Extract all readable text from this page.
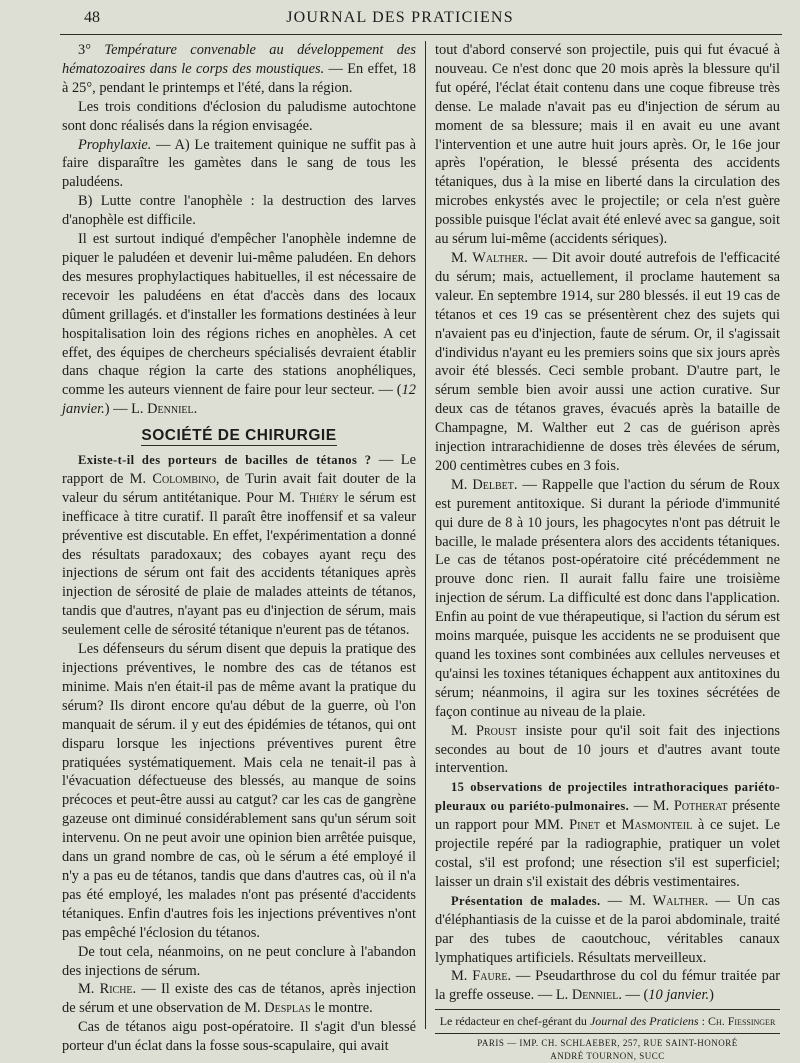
48	JOURNAL DES PRATICIENS

3° Température convenable au développement des hématozoaires dans le corps des moustiques. — En effet, 18 à 25°, pendant le printemps et l'été, dans la région.

Les trois conditions d'éclosion du paludisme autochtone sont donc réalisés dans la région envisagée.

Prophylaxie. — A) Le traitement quinique ne suffit pas à faire disparaître les gamètes dans le sang de tous les paludéens.

B) Lutte contre l'anophèle : la destruction des larves d'anophèle est difficile.

Il est surtout indiqué d'empêcher l'anophèle indemne de piquer le paludéen et devenir lui-même paludéen. En dehors des mesures prophylactiques habituelles, il est nécessaire de recevoir les paludéens en état d'accès dans des locaux dûment grillagés. et d'installer les formations destinées à leur hospitalisation loin des régions riches en anophèles. A cet effet, des équipes de chercheurs spécialisés devraient établir dans chaque région la carte des stations anophéliques, comme les auteurs viennent de faire pour leur secteur. — (12 janvier.) — L. Denniel.

SOCIÉTÉ DE CHIRURGIE

Existe-t-il des porteurs de bacilles de tétanos ? — Le rapport de M. Colombino, de Turin avait fait douter de la valeur du sérum antitétanique. Pour M. Thiéry le sérum est inefficace à titre curatif. Il paraît être inoffensif et sa valeur préventive est discutable. En effet, l'expérimentation a donné des résultats paradoxaux; des cobayes ayant reçu des injections de sérum ont fait des accidents tétaniques après injection de sérosité de plaie de malades atteints de tétanos, tandis que d'autres, n'ayant pas eu d'injection de sérum, mais seulement celle de sérosité tétanique n'eurent pas de tétanos.

Les défenseurs du sérum disent que depuis la pratique des injections préventives, le nombre des cas de tétanos est minime. Mais n'en était-il pas de même avant la pratique du sérum? Ils diront encore qu'au début de la guerre, où l'on manquait de sérum. il y eut des épidémies de tétanos, qui ont disparu lorsque les injections préventives purent être pratiquées systématiquement. Mais cela ne tenait-il pas à l'évacuation défectueuse des blessés, au manque de soins précoces et peut-être aussi au catgut? car les cas de gangrène gazeuse ont diminué considérablement sans qu'un sérum soit intervenu. On ne peut avoir une opinion bien arrêtée puisque, dans un grand nombre de cas, où le sérum a été employé il n'y a pas eu de tétanos, tandis que dans d'autres cas, où il n'a pas été employé, les malades n'ont pas présenté d'accidents tétaniques. Enfin d'autres fois les injections préventives n'ont pas empêché l'éclosion du tétanos.

De tout cela, néanmoins, on ne peut conclure à l'abandon des injections de sérum.

M. Riche. — Il existe des cas de tétanos, après injection de sérum et une observation de M. Desplas le montre.

Cas de tétanos aigu post-opératoire. Il s'agit d'un blessé porteur d'un éclat dans la fosse sous-scapulaire, qui avait

tout d'abord conservé son projectile, puis qui fut évacué à nouveau. Ce n'est donc que 20 mois après la blessure qu'il fut opéré, l'éclat était contenu dans une coque fibreuse très dense. Le malade n'avait pas eu d'injection de sérum au moment de sa blessure; mais il en avait eu une avant l'intervention et une autre huit jours après. Or, le 16e jour après l'opération, le blessé présenta des accidents tétaniques, dus à la mise en liberté dans la circulation des microbes enkystés avec le projectile; or cela n'est guère possible puisque l'éclat avait été enlevé avec sa gangue, soit au sérum lui-même (accidents sériques).

M. Walther. — Dit avoir douté autrefois de l'efficacité du sérum; mais, actuellement, il proclame hautement sa valeur. En septembre 1914, sur 280 blessés. il eut 19 cas de tétanos et ces 19 cas se présentèrent chez des sujets qui n'avaient pas eu d'injection, faute de sérum. Or, il s'agissait d'individus n'ayant eu les premiers soins que six jours après avoir été blessés. Ceci semble probant. D'autre part, le sérum semble bien avoir aussi une action curative. Sur deux cas de tétanos graves, évacués après la bataille de Champagne, M. Walther eut 2 cas de guérison après injection intrarachidienne de doses très élevées de sérum, 200 centimètres cubes en 3 fois.

M. Delbet. — Rappelle que l'action du sérum de Roux est purement antitoxique. Si durant la période d'immunité qui dure de 8 à 10 jours, les phagocytes n'ont pas détruit le bacille, le malade présentera alors des accidents tétaniques. Le cas de tétanos post-opératoire cité précédemment ne prouve donc rien. Il aurait fallu faire une troisième injection de sérum. La difficulté est donc dans l'application. Enfin au point de vue thérapeutique, si l'action du sérum est moins marquée, puisque les accidents ne se produisent que quand les toxines sont combinées aux cellules nerveuses et qu'ainsi les toxines tétaniques échappent aux antitoxines du sérum; néanmoins, il agira sur les toxines sécrétées de façon continue au niveau de la plaie.

M. Proust insiste pour qu'il soit fait des injections secondes au bout de 10 jours et d'autres avant toute intervention.

15 observations de projectiles intrathoraciques pariéto-pleuraux ou pariéto-pulmonaires. — M. Potherat présente un rapport pour MM. Pinet et Masmonteil à ce sujet. Le projectile repéré par la radiographie, pratiquer un volet costal, s'il est profond; une résection s'il est superficiel; laisser un drain s'il existait des débris vestimentaires.

Présentation de malades. — M. Walther. — Un cas d'éléphantiasis de la cuisse et de la paroi abdominale, traité par des tubes de caoutchouc, véritables canaux lymphatiques artificiels. Résultats merveilleux.

M. Faure. — Pseudarthrose du col du fémur traitée par la greffe osseuse. — L. Denniel. — (10 janvier.)

Le rédacteur en chef-gérant du Journal des Praticiens : Ch. Fiessinger
PARIS — IMP. CH. SCHLAEBER, 257, RUE SAINT-HONORÉ
ANDRÉ TOURNON, SUCC
